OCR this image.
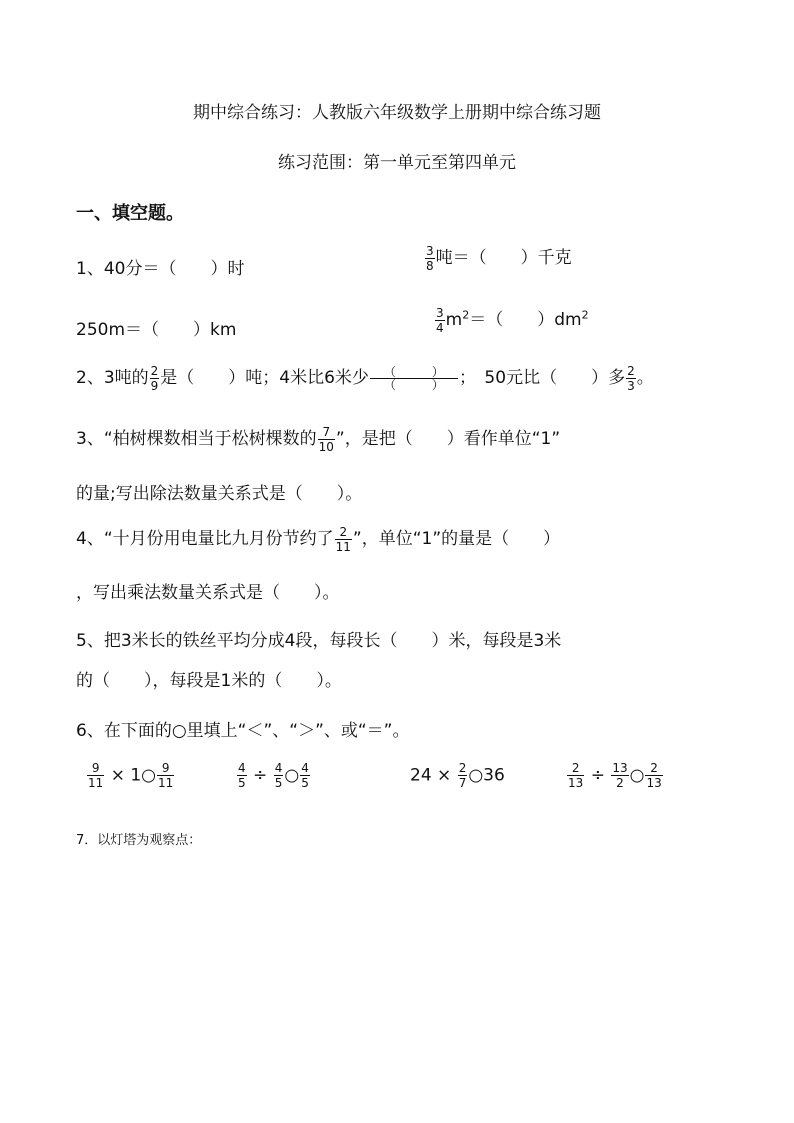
期中综合练习：人教版六年级数学上册期中综合练习题
练习范围：第一单元至第四单元
一、填空题。
1、40分＝（　　）时	$\frac{3}{8}$ 吨＝（　　）千克
250m＝（　　）km	$\frac{3}{4} m^2=$（　　）$dm^2$
2、3吨的 $\frac{2}{9}$ 是（　　）吨；4米比6米少 $\frac{( )}{( )}$ ；　50元比（　　）多 $\frac{2}{3}$ 。
3、“柏树棵数相当于松树棵数的 $\frac{7}{10}$ ”，是把（　　）看作单位“1”
的量;写出除法数量关系式是（　　）。
4、“十月份用电量比九月份节约了 $\frac{2}{11}$ ”，单位“1”的量是（　　）
，写出乘法数量关系式是（　　）。
5、把3米长的铁丝平均分成4段，每段长（　　）米，每段是3米
的（　　），每段是1米的（　　）。
6、在下面的○里填上“＜”、“＞”、或“＝”。
$\frac{9}{11}$ × 1○ $\frac{9}{11}$	$\frac{4}{5} \div \frac{4}{5}$ ○ $\frac{4}{5}$	$24 \times \frac{2}{7}$ ○36	$\frac{2}{13} \div \frac{13}{2}$ ○ $\frac{2}{13}$
7．以灯塔为观察点：
